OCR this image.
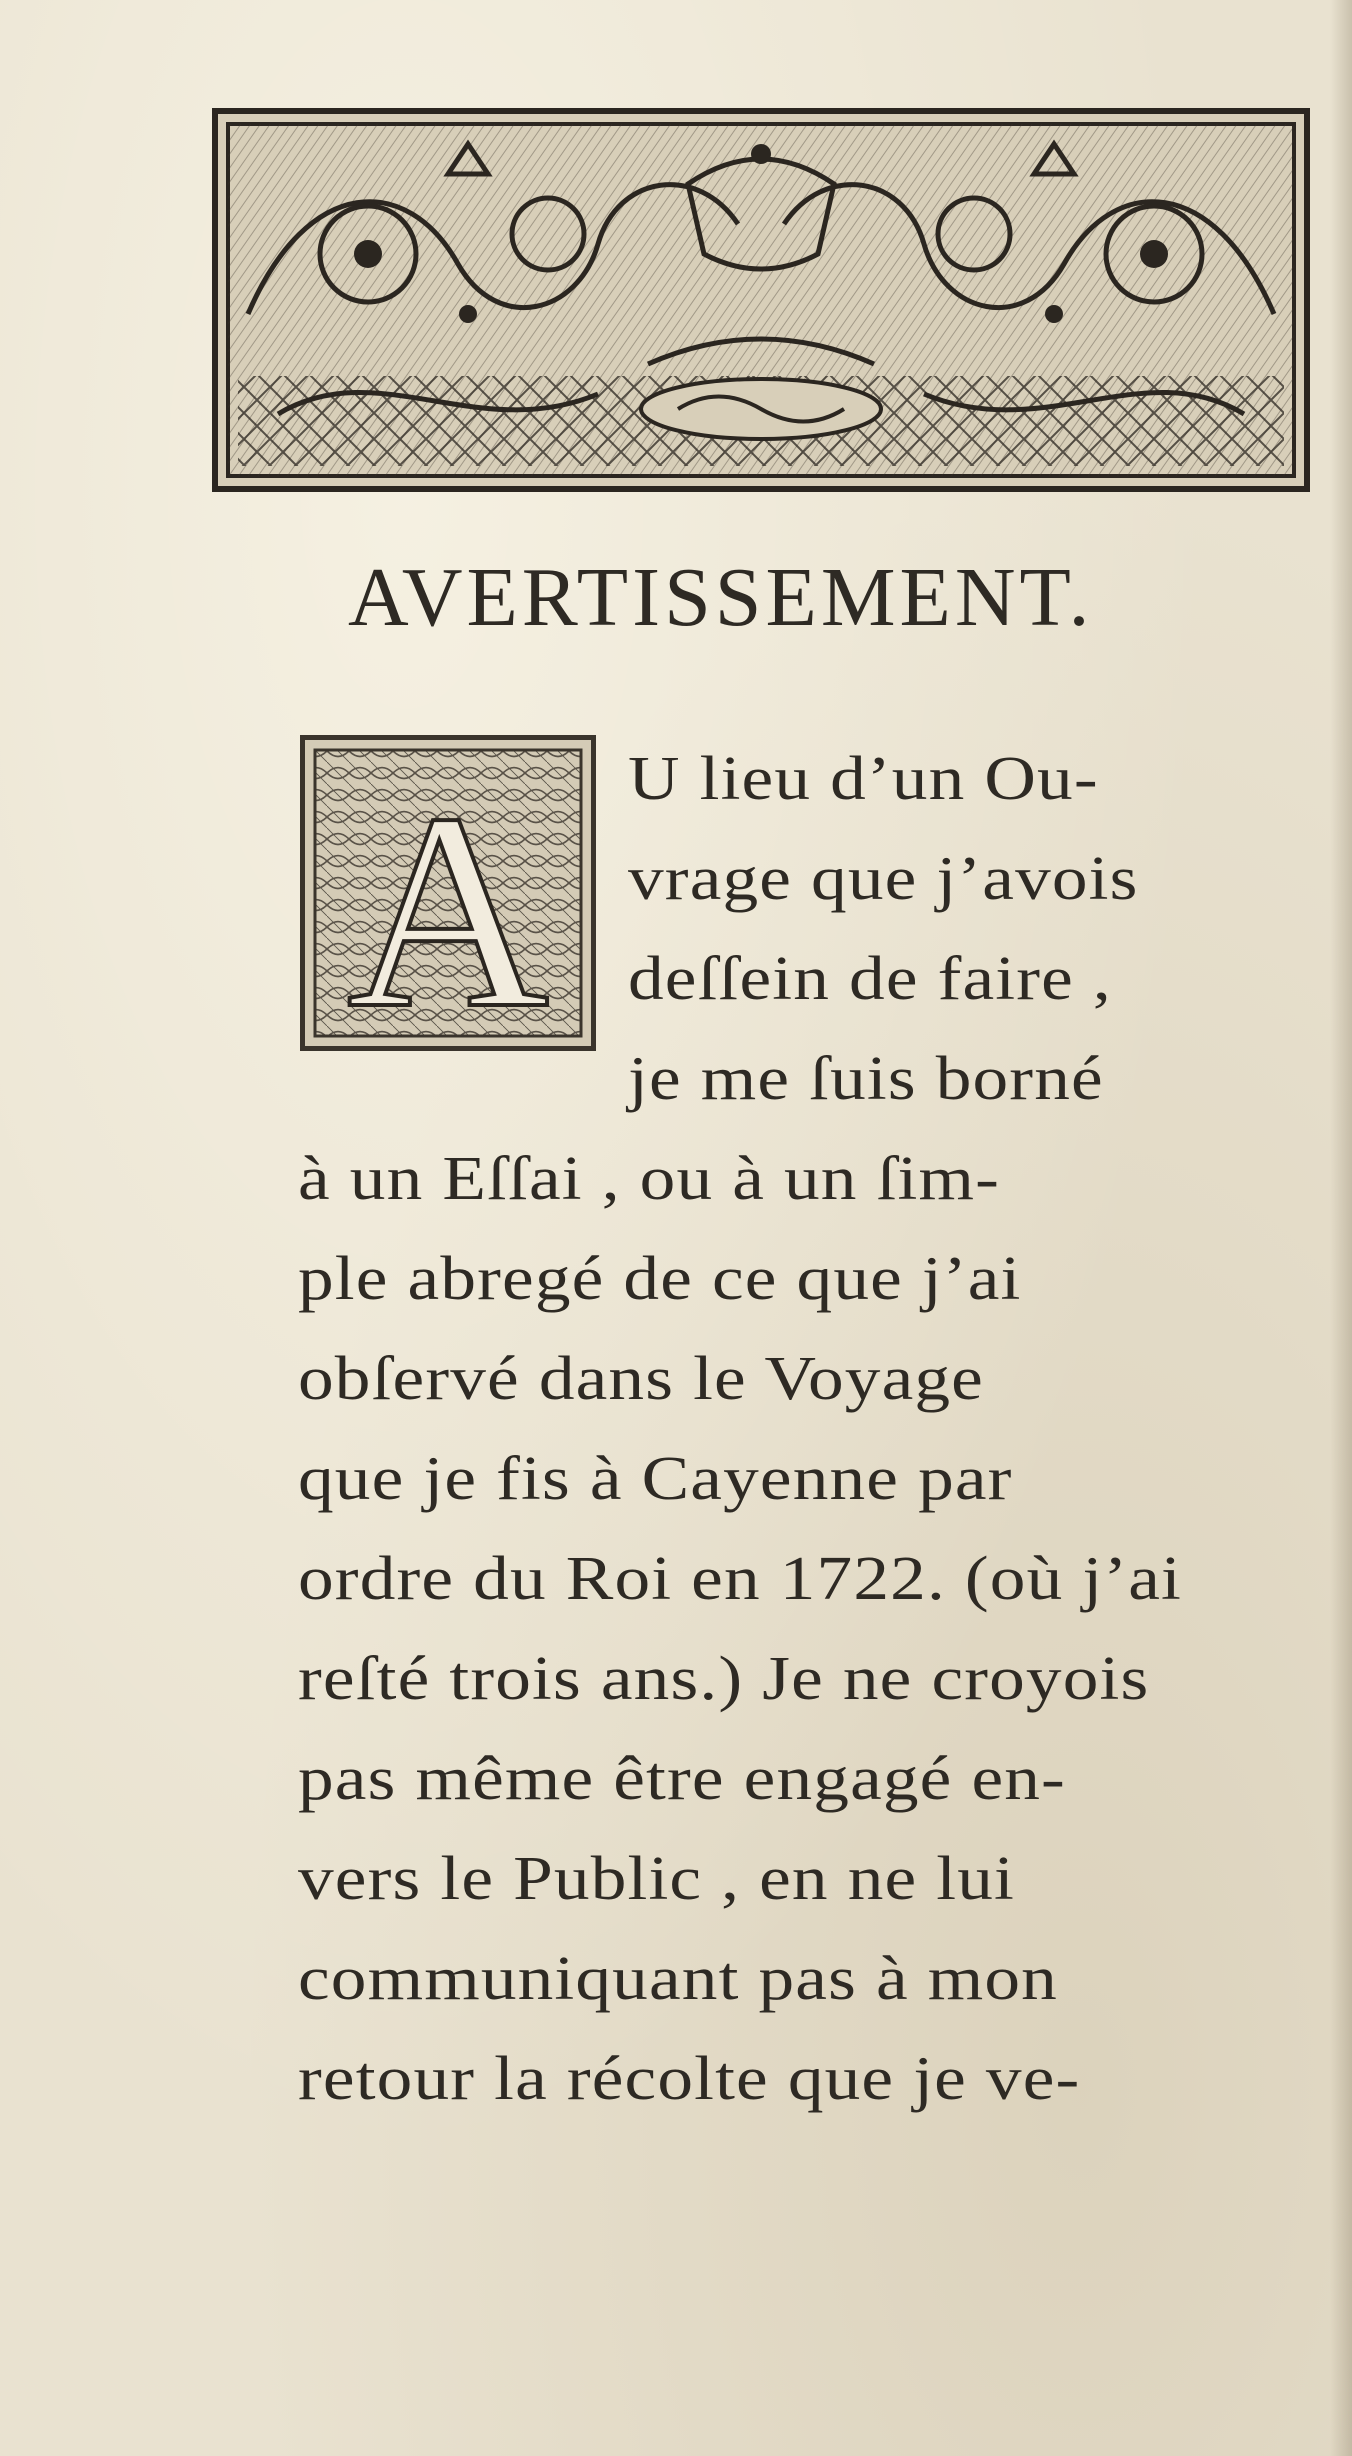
AVERTISSEMENT.
A U lieu d’un Ou-
vrage que j’avois
deſſein de faire ,
je me ſuis borné
à un Eſſai , ou à un ſim-
ple abregé de ce que j’ai
obſervé dans le Voyage
que je fis à Cayenne par
ordre du Roi en 1722. (où j’ai
reſté trois ans.) Je ne croyois
pas même être engagé en-
vers le Public , en ne lui
communiquant pas à mon
retour la récolte que je ve-
